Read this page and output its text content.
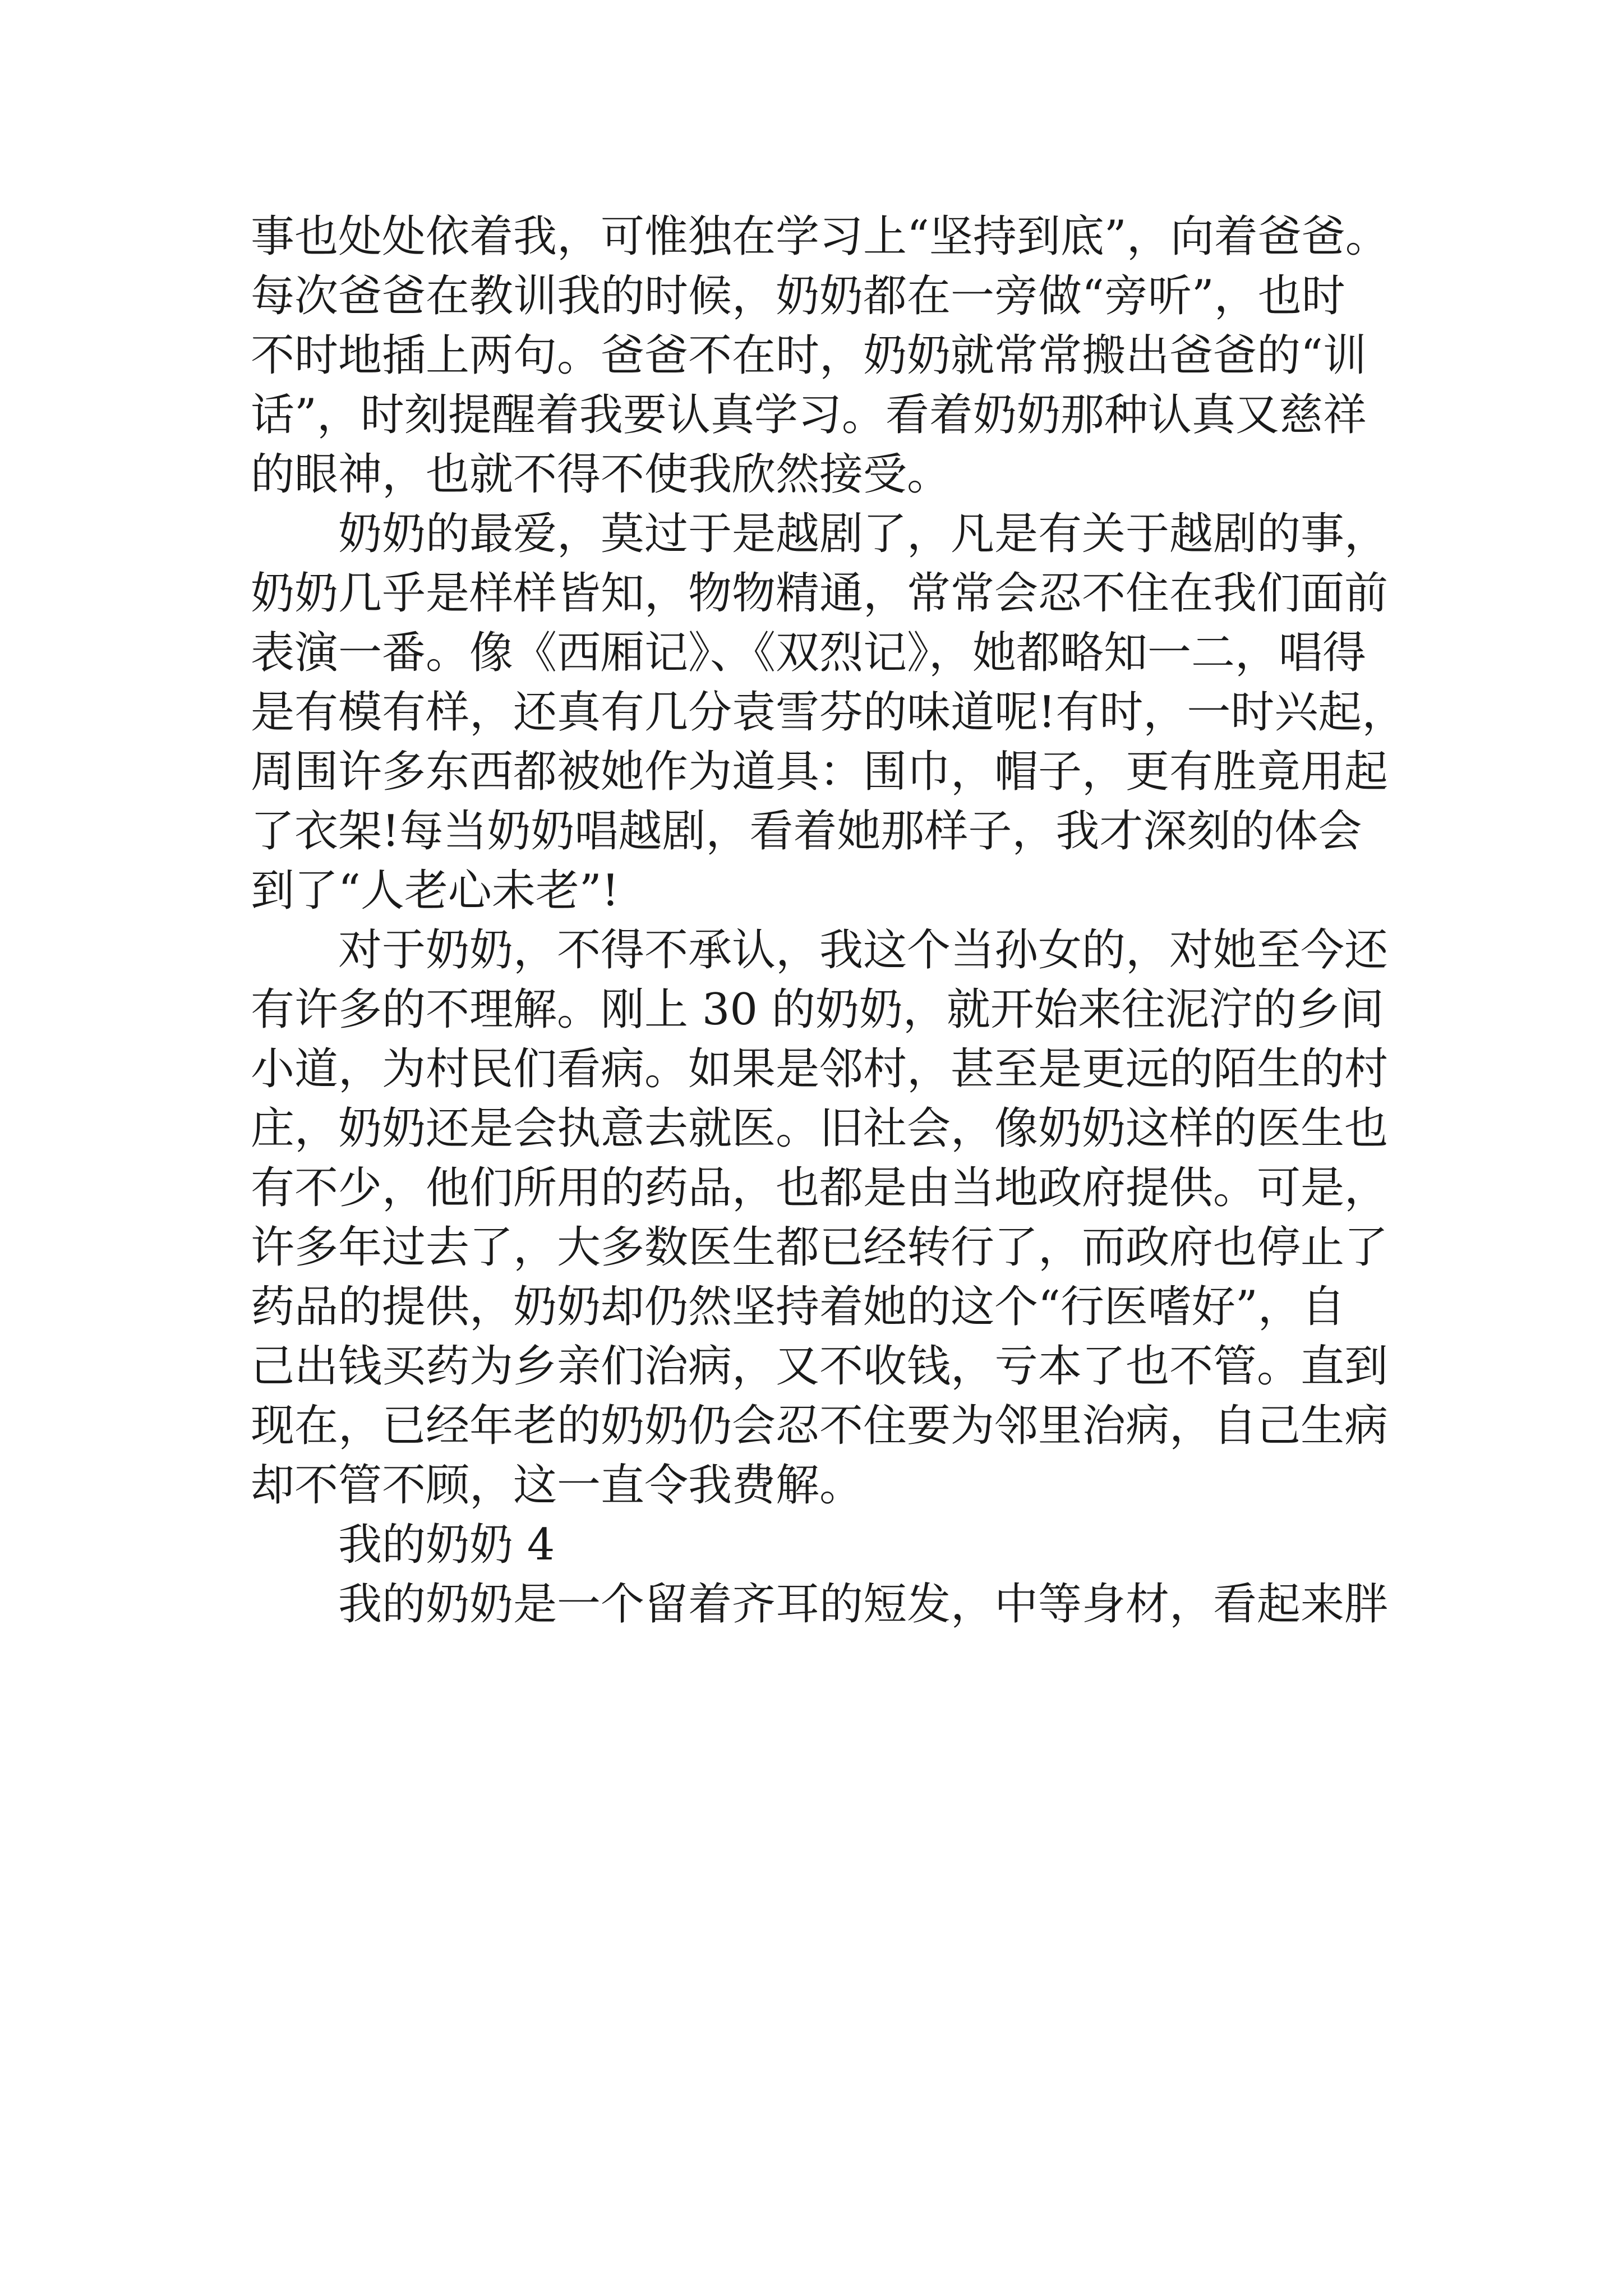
事也处处依着我，可惟独在学习上“坚持到底”，向着爸爸。
每次爸爸在教训我的时候，奶奶都在一旁做“旁听”，也时
不时地插上两句。爸爸不在时，奶奶就常常搬出爸爸的“训
话”，时刻提醒着我要认真学习。看着奶奶那种认真又慈祥
的眼神，也就不得不使我欣然接受。
奶奶的最爱，莫过于是越剧了，凡是有关于越剧的事，
奶奶几乎是样样皆知，物物精通，常常会忍不住在我们面前
表演一番。像《西厢记》、《双烈记》，她都略知一二，唱得
是有模有样，还真有几分袁雪芬的味道呢!有时，一时兴起，
周围许多东西都被她作为道具：围巾，帽子，更有胜竟用起
了衣架!每当奶奶唱越剧，看着她那样子，我才深刻的体会
到了“人老心未老”!
对于奶奶，不得不承认，我这个当孙女的，对她至今还
有许多的不理解。刚上 30 的奶奶，就开始来往泥泞的乡间
小道，为村民们看病。如果是邻村，甚至是更远的陌生的村
庄，奶奶还是会执意去就医。旧社会，像奶奶这样的医生也
有不少，他们所用的药品，也都是由当地政府提供。可是，
许多年过去了，大多数医生都已经转行了，而政府也停止了
药品的提供，奶奶却仍然坚持着她的这个“行医嗜好”，自
己出钱买药为乡亲们治病，又不收钱，亏本了也不管。直到
现在，已经年老的奶奶仍会忍不住要为邻里治病，自己生病
却不管不顾，这一直令我费解。
我的奶奶 4
我的奶奶是一个留着齐耳的短发，中等身材，看起来胖
